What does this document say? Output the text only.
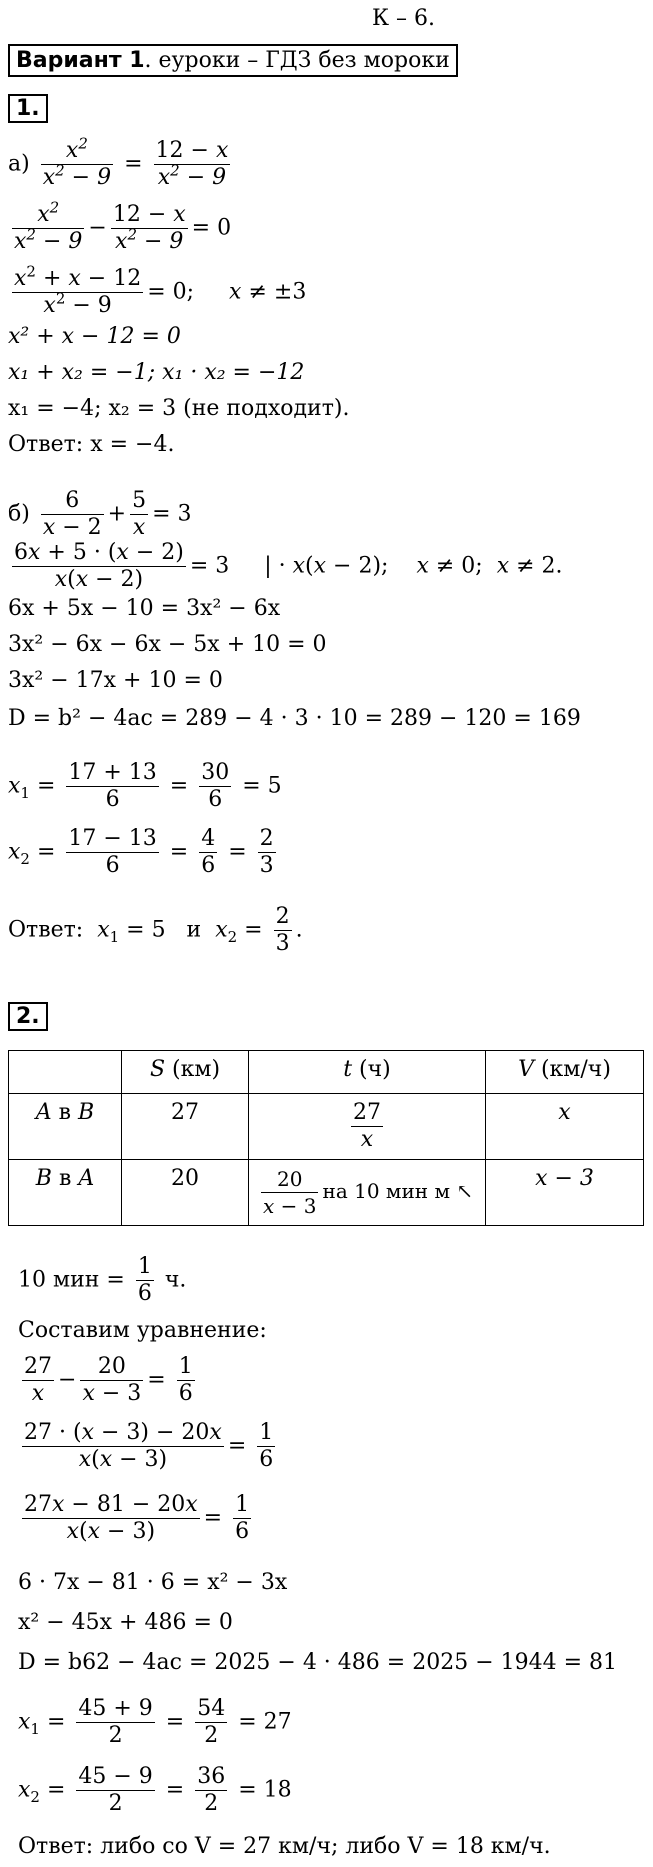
К – 6.
Вариант 1. еуроки – ГДЗ без мороки
1.
$а) \frac{x^2}{x^2 - 9} = \frac{12 - x}{x^2 - 9}$
$\frac{x^2}{x^2 - 9} - \frac{12 - x}{x^2 - 9} = 0$
$\frac{x^2 + x - 12}{x^2 - 9} = 0$;     x ≠ ±3
x² + x − 12 = 0
x₁ + x₂ = −1; x₁ · x₂ = −12
x₁ = −4; x₂ = 3 (не подходит).
Ответ: x = −4.
$б) \frac{6}{x - 2} + \frac{5}{x} = 3$
$\frac{6x + 5 \cdot (x - 2)}{x(x - 2)} = 3$     | · x(x − 2);    x ≠ 0;  x ≠ 2.
6x + 5x − 10 = 3x² − 6x
3x² − 6x − 6x − 5x + 10 = 0
3x² − 17x + 10 = 0
D = b² − 4ac = 289 − 4 · 3 · 10 = 289 − 120 = 169
$x_1 = \frac{17 + 13}{6} = \frac{30}{6} = 5$
$x_2 = \frac{17 - 13}{6} = \frac{4}{6} = \frac{2}{3}$
Ответ:  $x_1 = 5$   и  $x_2 = \frac{2}{3}$ .
2.
	S (км)	t (ч)	V (км/ч)
A в B	27	$\frac{27}{x}$	x
B в A	20	$\frac{20}{x - 3}$ на 10 мин м ↖	x − 3
10 мин = $\frac{1}{6} ч$.
Составим уравнение:
$\frac{27}{x} - \frac{20}{x - 3} = \frac{1}{6}$
$\frac{27 \cdot (x - 3) - 20x}{x(x - 3)} = \frac{1}{6}$
$\frac{27x - 81 - 20x}{x(x - 3)} = \frac{1}{6}$
6 · 7x − 81 · 6 = x² − 3x
x² − 45x + 486 = 0
D = b62 − 4ac = 2025 − 4 · 486 = 2025 − 1944 = 81
$x_1 = \frac{45 + 9}{2} = \frac{54}{2} = 27$
$x_2 = \frac{45 - 9}{2} = \frac{36}{2} = 18$
Ответ: либо со V = 27 км/ч; либо V = 18 км/ч.
